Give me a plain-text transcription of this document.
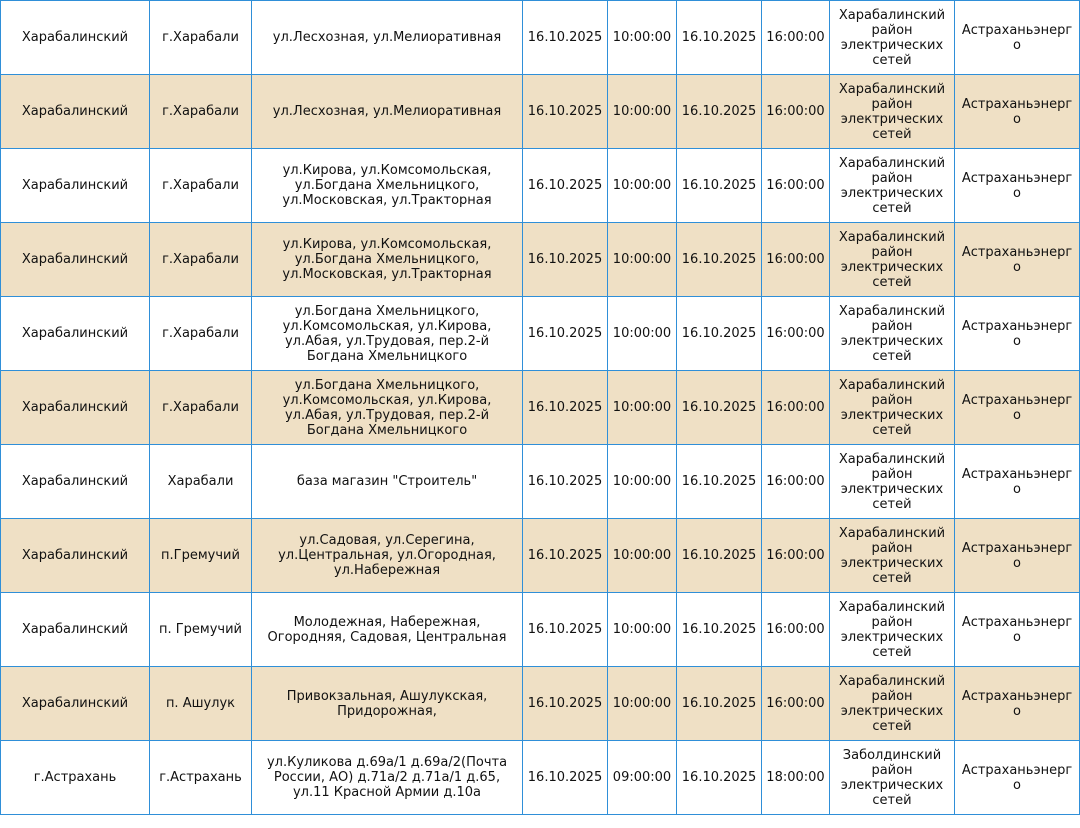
Харабалинский	г.Харабали	ул.Лесхозная, ул.Мелиоративная	16.10.2025	10:00:00	16.10.2025	16:00:00	Харабалинский район электрических сетей	Астраханьэнерго
Харабалинский	г.Харабали	ул.Лесхозная, ул.Мелиоративная	16.10.2025	10:00:00	16.10.2025	16:00:00	Харабалинский район электрических сетей	Астраханьэнерго
Харабалинский	г.Харабали	ул.Кирова, ул.Комсомольская, ул.Богдана Хмельницкого, ул.Московская, ул.Тракторная	16.10.2025	10:00:00	16.10.2025	16:00:00	Харабалинский район электрических сетей	Астраханьэнерго
Харабалинский	г.Харабали	ул.Кирова, ул.Комсомольская, ул.Богдана Хмельницкого, ул.Московская, ул.Тракторная	16.10.2025	10:00:00	16.10.2025	16:00:00	Харабалинский район электрических сетей	Астраханьэнерго
Харабалинский	г.Харабали	ул.Богдана Хмельницкого, ул.Комсомольская, ул.Кирова, ул.Абая, ул.Трудовая, пер.2-й Богдана Хмельницкого	16.10.2025	10:00:00	16.10.2025	16:00:00	Харабалинский район электрических сетей	Астраханьэнерго
Харабалинский	г.Харабали	ул.Богдана Хмельницкого, ул.Комсомольская, ул.Кирова, ул.Абая, ул.Трудовая, пер.2-й Богдана Хмельницкого	16.10.2025	10:00:00	16.10.2025	16:00:00	Харабалинский район электрических сетей	Астраханьэнерго
Харабалинский	Харабали	база магазин "Строитель"	16.10.2025	10:00:00	16.10.2025	16:00:00	Харабалинский район электрических сетей	Астраханьэнерго
Харабалинский	п.Гремучий	ул.Садовая, ул.Серегина, ул.Центральная, ул.Огородная, ул.Набережная	16.10.2025	10:00:00	16.10.2025	16:00:00	Харабалинский район электрических сетей	Астраханьэнерго
Харабалинский	п. Гремучий	Молодежная, Набережная, Огородняя, Садовая, Центральная	16.10.2025	10:00:00	16.10.2025	16:00:00	Харабалинский район электрических сетей	Астраханьэнерго
Харабалинский	п. Ашулук	Привокзальная, Ашулукская, Придорожная,	16.10.2025	10:00:00	16.10.2025	16:00:00	Харабалинский район электрических сетей	Астраханьэнерго
г.Астрахань	г.Астрахань	ул.Куликова д.69а/1 д.69а/2(Почта России, АО) д.71а/2 д.71а/1 д.65, ул.11 Красной Армии д.10а	16.10.2025	09:00:00	16.10.2025	18:00:00	Заболдинский район электрических сетей	Астраханьэнерго
